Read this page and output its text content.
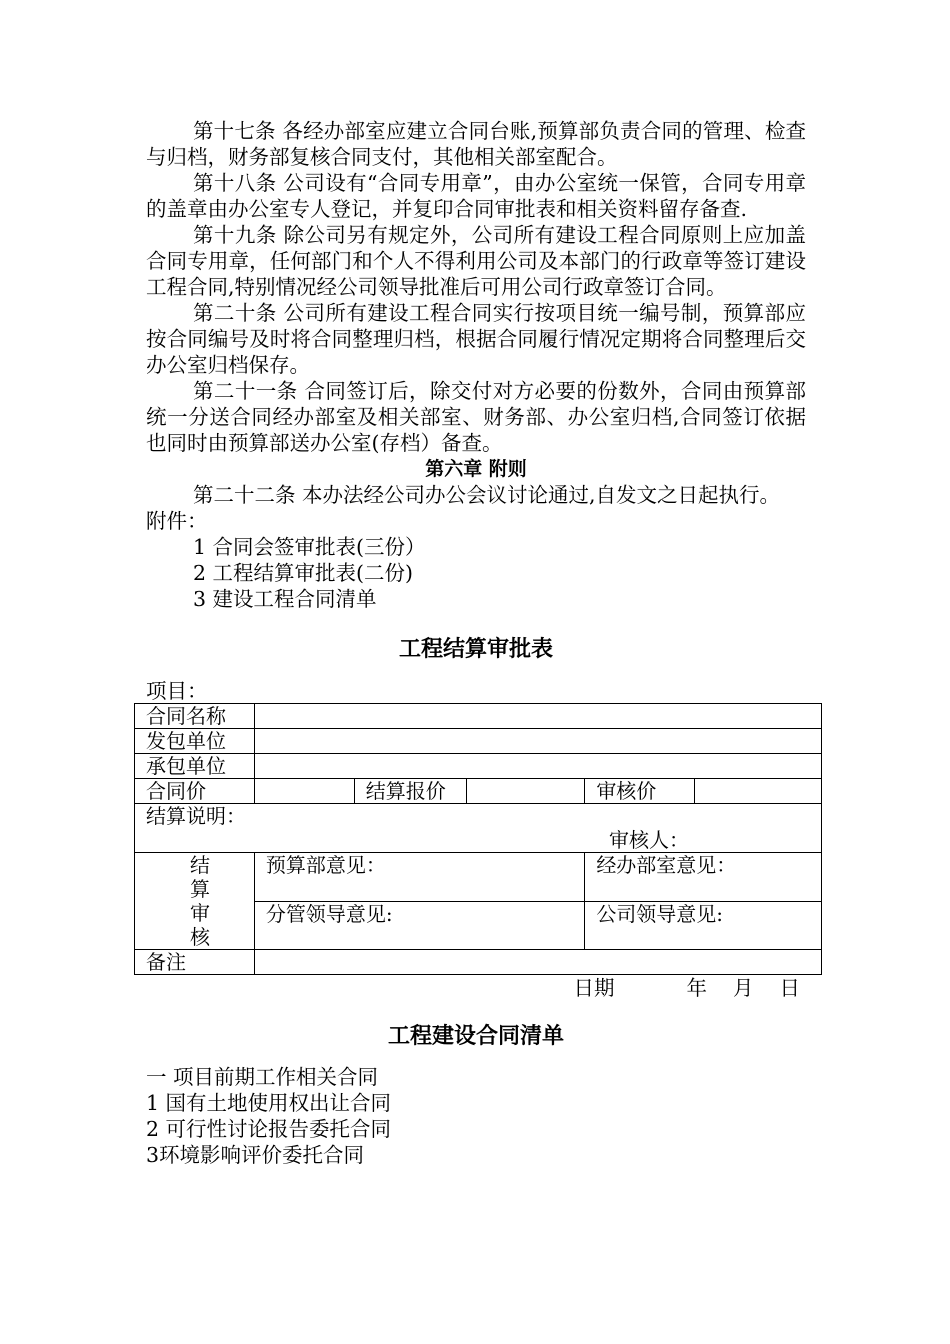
第十七条 各经办部室应建立合同台账,预算部负责合同的管理、检查与归档，财务部复核合同支付，其他相关部室配合。

第十八条 公司设有“合同专用章”，由办公室统一保管，合同专用章的盖章由办公室专人登记，并复印合同审批表和相关资料留存备查.

第十九条 除公司另有规定外，公司所有建设工程合同原则上应加盖合同专用章，任何部门和个人不得利用公司及本部门的行政章等签订建设工程合同,特别情况经公司领导批准后可用公司行政章签订合同。

第二十条 公司所有建设工程合同实行按项目统一编号制，预算部应按合同编号及时将合同整理归档，根据合同履行情况定期将合同整理后交办公室归档保存。

第二十一条 合同签订后，除交付对方必要的份数外，合同由预算部统一分送合同经办部室及相关部室、财务部、办公室归档,合同签订依据也同时由预算部送办公室(存档）备查。

第六章 附则

第二十二条 本办法经公司办公会议讨论通过,自发文之日起执行。

附件：

1 合同会签审批表(三份）

2 工程结算审批表(二份)

3 建设工程合同清单

工程结算审批表

项目：

合同名称					
发包单位					
承包单位					
合同价		结算报价		审核价	

结算说明：
审核人：					

结
算
审
核	预算部意见：			经办部室意见：	
	分管领导意见:			公司领导意见:	
备注					

日期	年 月 日

工程建设合同清单

一 项目前期工作相关合同

1 国有土地使用权出让合同

2 可行性讨论报告委托合同

3环境影响评价委托合同
